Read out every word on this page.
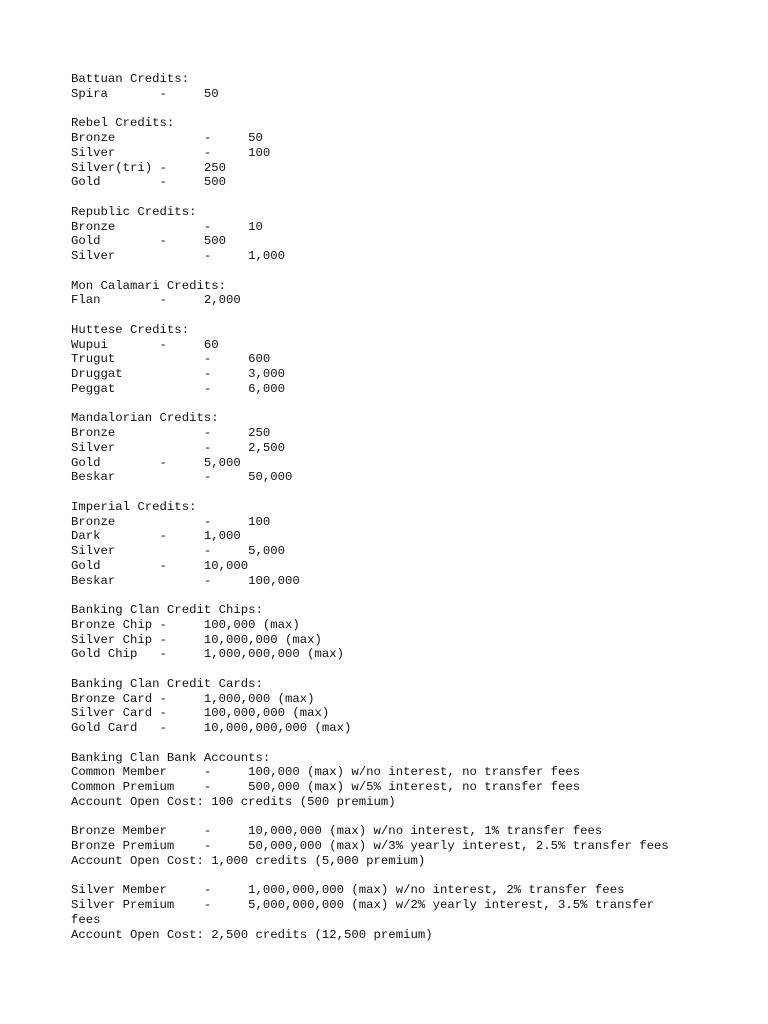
Battuan Credits:
Spira       -     50
Rebel Credits:
Bronze            -     50
Silver            -     100
Silver(tri) -     250
Gold        -     500
Republic Credits:
Bronze            -     10
Gold        -     500
Silver            -     1,000
Mon Calamari Credits:
Flan        -     2,000
Huttese Credits:
Wupui       -     60
Trugut            -     600
Druggat           -     3,000
Peggat            -     6,000
Mandalorian Credits:
Bronze            -     250
Silver            -     2,500
Gold        -     5,000
Beskar            -     50,000
Imperial Credits:
Bronze            -     100
Dark        -     1,000
Silver            -     5,000
Gold        -     10,000
Beskar            -     100,000
Banking Clan Credit Chips:
Bronze Chip -     100,000 (max)
Silver Chip -     10,000,000 (max)
Gold Chip   -     1,000,000,000 (max)
Banking Clan Credit Cards:
Bronze Card -     1,000,000 (max)
Silver Card -     100,000,000 (max)
Gold Card   -     10,000,000,000 (max)
Banking Clan Bank Accounts:
Common Member     -     100,000 (max) w/no interest, no transfer fees
Common Premium    -     500,000 (max) w/5% interest, no transfer fees
Account Open Cost: 100 credits (500 premium)
Bronze Member     -     10,000,000 (max) w/no interest, 1% transfer fees
Bronze Premium    -     50,000,000 (max) w/3% yearly interest, 2.5% transfer fees
Account Open Cost: 1,000 credits (5,000 premium)
Silver Member     -     1,000,000,000 (max) w/no interest, 2% transfer fees
Silver Premium    -     5,000,000,000 (max) w/2% yearly interest, 3.5% transfer
fees
Account Open Cost: 2,500 credits (12,500 premium)
